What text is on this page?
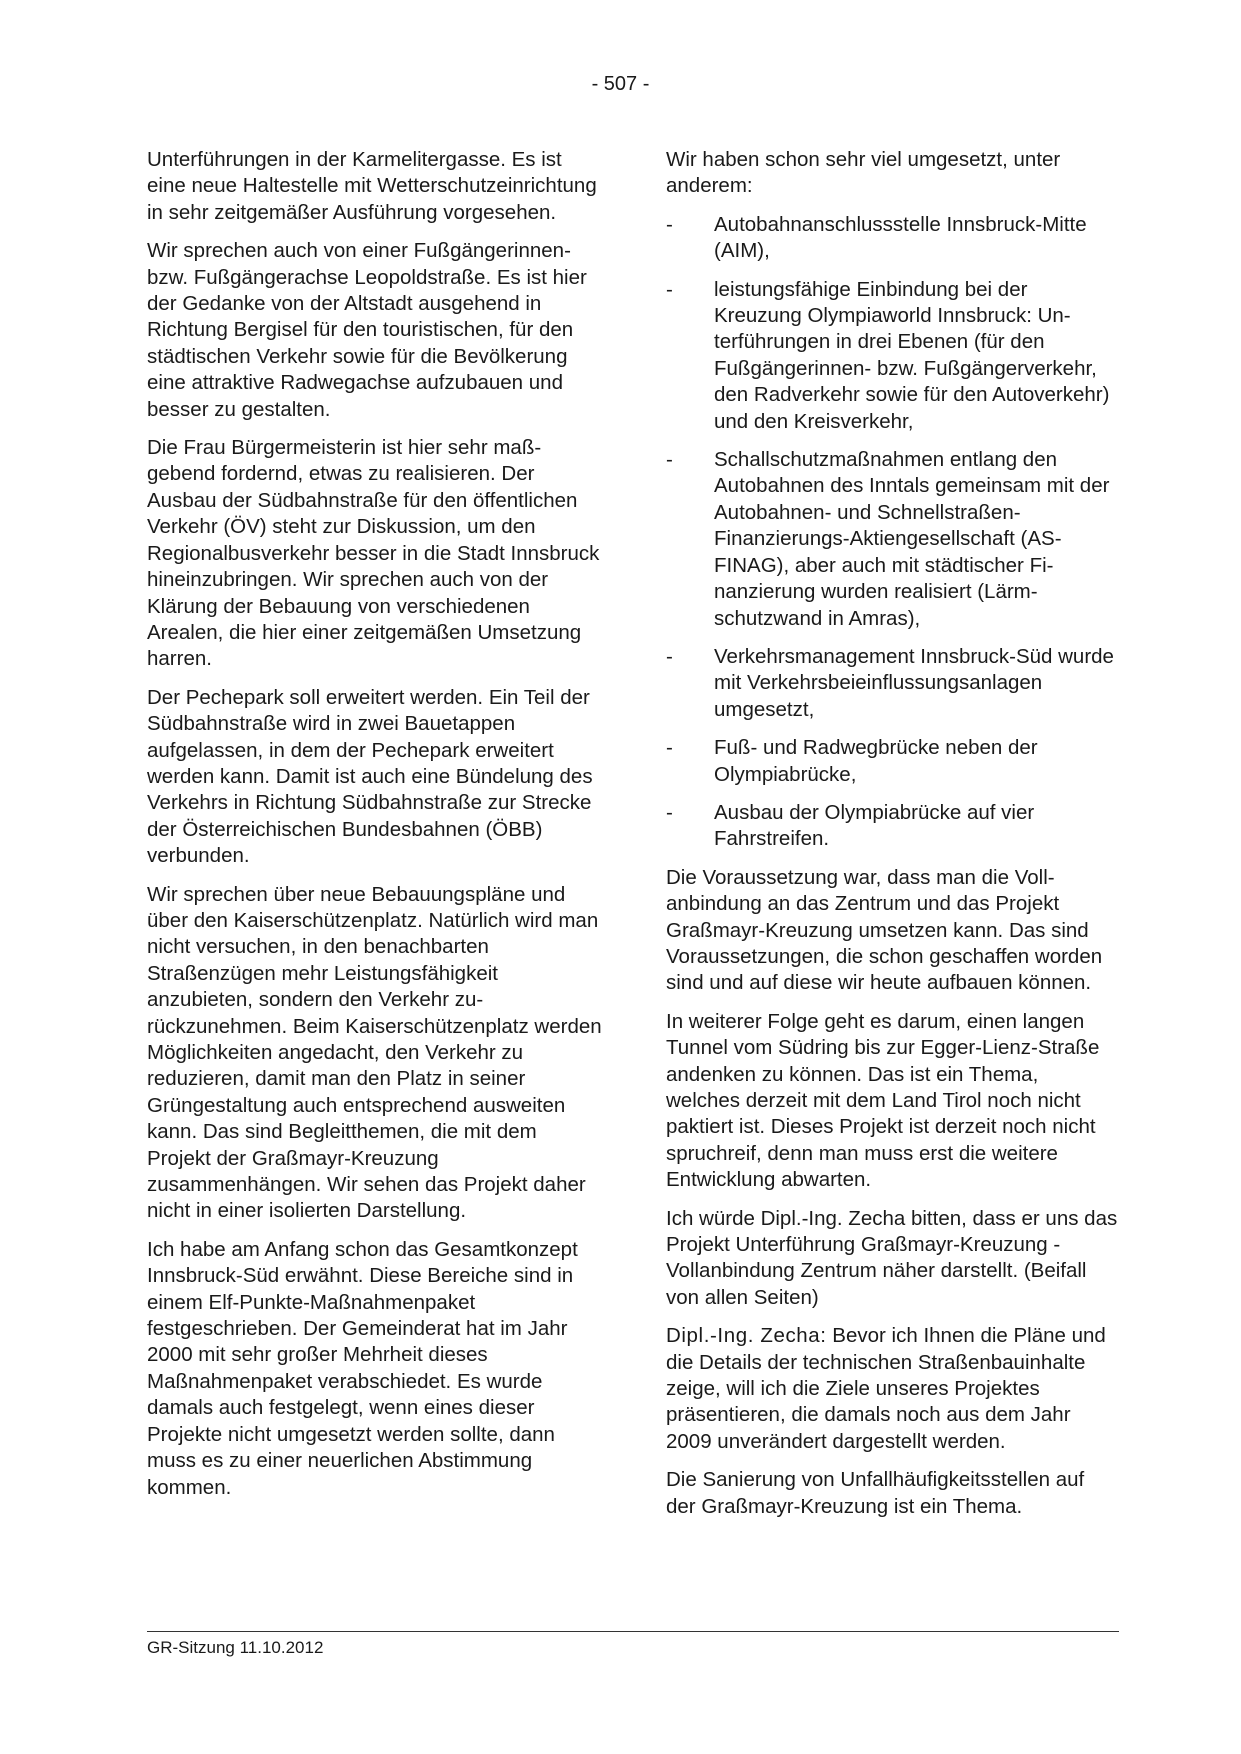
- 507 -

Unterführungen in der Karmelitergasse. Es ist eine neue Haltestelle mit Wetterschutzeinrichtung in sehr zeitgemäßer Ausführung vorgesehen.

Wir sprechen auch von einer Fußgängerinnen- bzw. Fußgängerachse Leopoldstraße. Es ist hier der Gedanke von der Altstadt ausgehend in Richtung Bergisel für den touristischen, für den städtischen Verkehr sowie für die Bevölkerung eine attraktive Radwegachse aufzubauen und besser zu gestalten.

Die Frau Bürgermeisterin ist hier sehr maßgebend fordernd, etwas zu realisieren. Der Ausbau der Südbahnstraße für den öffentlichen Verkehr (ÖV) steht zur Diskussion, um den Regionalbusverkehr besser in die Stadt Innsbruck hineinzubringen. Wir sprechen auch von der Klärung der Bebauung von verschiedenen Arealen, die hier einer zeitgemäßen Umsetzung harren.

Der Pechepark soll erweitert werden. Ein Teil der Südbahnstraße wird in zwei Bauetappen aufgelassen, in dem der Pechepark erweitert werden kann. Damit ist auch eine Bündelung des Verkehrs in Richtung Südbahnstraße zur Strecke der Österreichischen Bundesbahnen (ÖBB) verbunden.

Wir sprechen über neue Bebauungspläne und über den Kaiserschützenplatz. Natürlich wird man nicht versuchen, in den benachbarten Straßenzügen mehr Leistungsfähigkeit anzubieten, sondern den Verkehr zurückzunehmen. Beim Kaiserschützenplatz werden Möglichkeiten angedacht, den Verkehr zu reduzieren, damit man den Platz in seiner Grüngestaltung auch entsprechend ausweiten kann. Das sind Begleitthemen, die mit dem Projekt der Graßmayr-Kreuzung zusammenhängen. Wir sehen das Projekt daher nicht in einer isolierten Darstellung.

Ich habe am Anfang schon das Gesamtkonzept Innsbruck-Süd erwähnt. Diese Bereiche sind in einem Elf-Punkte-Maßnahmenpaket festgeschrieben. Der Gemeinderat hat im Jahr 2000 mit sehr großer Mehrheit dieses Maßnahmenpaket verabschiedet. Es wurde damals auch festgelegt, wenn eines dieser Projekte nicht umgesetzt werden sollte, dann muss es zu einer neuerlichen Abstimmung kommen.

Wir haben schon sehr viel umgesetzt, unter anderem:

-	Autobahnanschlussstelle Innsbruck-Mitte (AIM),
-	leistungsfähige Einbindung bei der Kreuzung Olympiaworld Innsbruck: Unterführungen in drei Ebenen (für den Fußgängerinnen- bzw. Fußgängerverkehr, den Radverkehr sowie für den Autoverkehr) und den Kreisverkehr,
-	Schallschutzmaßnahmen entlang den Autobahnen des Inntals gemeinsam mit der Autobahnen- und Schnellstraßen-Finanzierungs-Aktiengesellschaft (ASFINAG), aber auch mit städtischer Finanzierung wurden realisiert (Lärmschutzwand in Amras),
-	Verkehrsmanagement Innsbruck-Süd wurde mit Verkehrsbeieinflussungsanlagen umgesetzt,
-	Fuß- und Radwegbrücke neben der Olympiabrücke,
-	Ausbau der Olympiabrücke auf vier Fahrstreifen.

Die Voraussetzung war, dass man die Vollanbindung an das Zentrum und das Projekt Graßmayr-Kreuzung umsetzen kann. Das sind Voraussetzungen, die schon geschaffen worden sind und auf diese wir heute aufbauen können.

In weiterer Folge geht es darum, einen langen Tunnel vom Südring bis zur Egger-Lienz-Straße andenken zu können. Das ist ein Thema, welches derzeit mit dem Land Tirol noch nicht paktiert ist. Dieses Projekt ist derzeit noch nicht spruchreif, denn man muss erst die weitere Entwicklung abwarten.

Ich würde Dipl.-Ing. Zecha bitten, dass er uns das Projekt Unterführung Graßmayr-Kreuzung - Vollanbindung Zentrum näher darstellt. (Beifall von allen Seiten)

Dipl.-Ing. Zecha: Bevor ich Ihnen die Pläne und die Details der technischen Straßenbauinhalte zeige, will ich die Ziele unseres Projektes präsentieren, die damals noch aus dem Jahr 2009 unverändert dargestellt werden.

Die Sanierung von Unfallhäufigkeitsstellen auf der Graßmayr-Kreuzung ist ein Thema.

GR-Sitzung 11.10.2012
